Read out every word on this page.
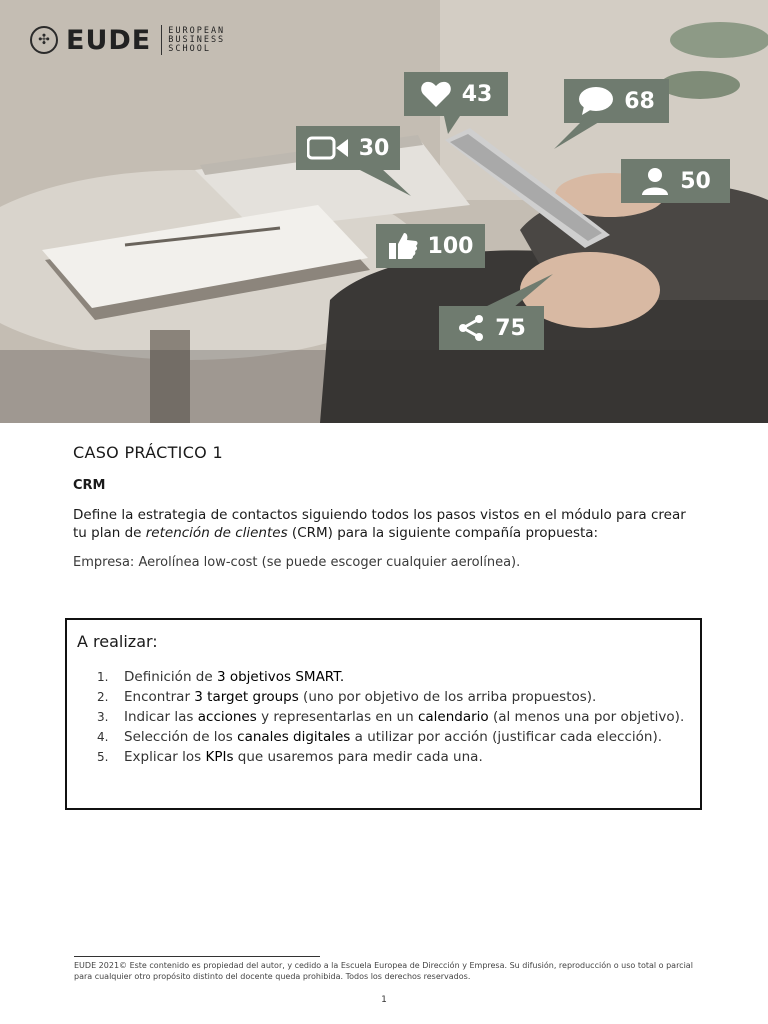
✣ EUDE EUROPEAN
BUSINESS
SCHOOL
43	68
30
50
100
75
CASO PRÁCTICO 1
CRM
Define la estrategia de contactos siguiendo todos los pasos vistos en el módulo para crear tu plan de retención de clientes (CRM) para la siguiente compañía propuesta:
Empresa: Aerolínea low-cost (se puede escoger cualquier aerolínea).
A realizar:
1. Definición de 3 objetivos SMART.
2. Encontrar 3 target groups (uno por objetivo de los arriba propuestos).
3. Indicar las acciones y representarlas en un calendario (al menos una por objetivo).
4. Selección de los canales digitales a utilizar por acción (justificar cada elección).
5. Explicar los KPIs que usaremos para medir cada una.
EUDE 2021© Este contenido es propiedad del autor, y cedido a la Escuela Europea de Dirección y Empresa. Su difusión, reproducción o uso total o parcial para cualquier otro propósito distinto del docente queda prohibida. Todos los derechos reservados.
1
